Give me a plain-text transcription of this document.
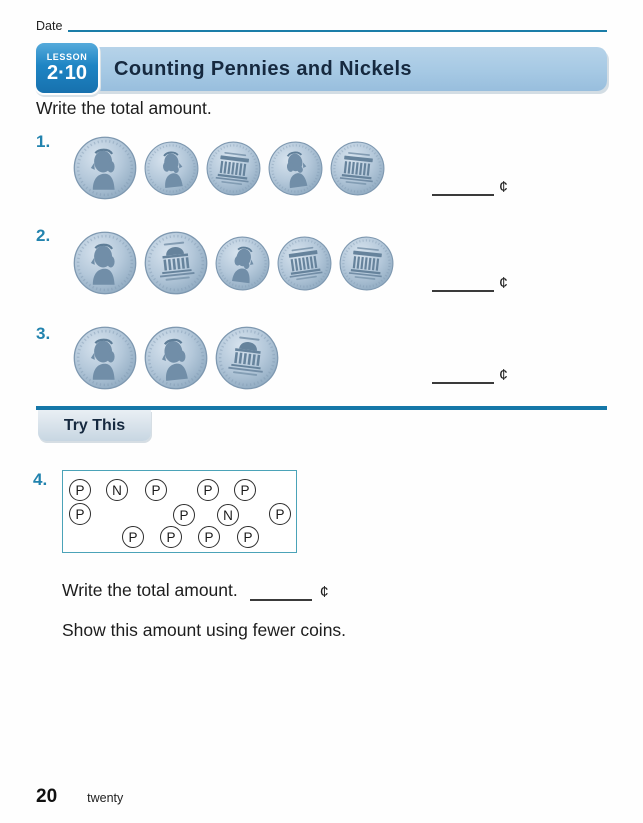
Date
LESSON
2·10 Counting Pennies and Nickels

Write the total amount.

1.
¢
2.
¢
3.
¢
Try This
4.
P	N	P	P	P
P	P	N	P
P	P	P	P

Write the total amount.	¢

Show this amount using fewer coins.

20 twenty
